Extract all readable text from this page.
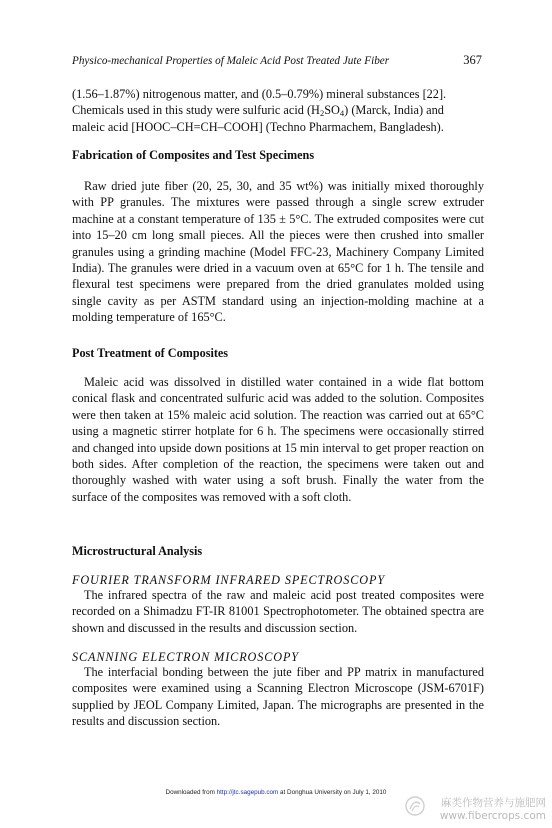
Physico-mechanical Properties of Maleic Acid Post Treated Jute Fiber	367

(1.56–1.87%) nitrogenous matter, and (0.5–0.79%) mineral substances [22].

Chemicals used in this study were sulfuric acid $(H_2SO_4)$ (Marck, India) and

maleic acid [HOOC–CH=CH–COOH] (Techno Pharmachem, Bangladesh).

Fabrication of Composites and Test Specimens

Raw dried jute fiber (20, 25, 30, and 35 wt%) was initially mixed thoroughly with PP granules. The mixtures were passed through a single screw extruder machine at a constant temperature of 135 ± 5°C. The extruded composites were cut into 15–20 cm long small pieces. All the pieces were then crushed into smaller granules using a grinding machine (Model FFC-23, Machinery Company Limited India). The granules were dried in a vacuum oven at 65°C for 1 h. The tensile and flexural test specimens were prepared from the dried granulates molded using single cavity as per ASTM standard using an injection-molding machine at a molding temperature of 165°C.

Post Treatment of Composites

Maleic acid was dissolved in distilled water contained in a wide flat bottom conical flask and concentrated sulfuric acid was added to the solution. Composites were then taken at 15% maleic acid solution. The reaction was carried out at 65°C using a magnetic stirrer hotplate for 6 h. The specimens were occasionally stirred and changed into upside down positions at 15 min interval to get proper reaction on both sides. After completion of the reaction, the specimens were taken out and thoroughly washed with water using a soft brush. Finally the water from the surface of the composites was removed with a soft cloth.

Microstructural Analysis
FOURIER TRANSFORM INFRARED SPECTROSCOPY

The infrared spectra of the raw and maleic acid post treated composites were recorded on a Shimadzu FT-IR 81001 Spectrophotometer. The obtained spectra are shown and discussed in the results and discussion section.

SCANNING ELECTRON MICROSCOPY

The interfacial bonding between the jute fiber and PP matrix in manufactured composites were examined using a Scanning Electron Microscope (JSM-6701F) supplied by JEOL Company Limited, Japan. The micrographs are presented in the results and discussion section.

Downloaded from http://jtc.sagepub.com at Donghua University on July 1, 2010
麻类作物营养与施肥网
www.fibercrops.com
